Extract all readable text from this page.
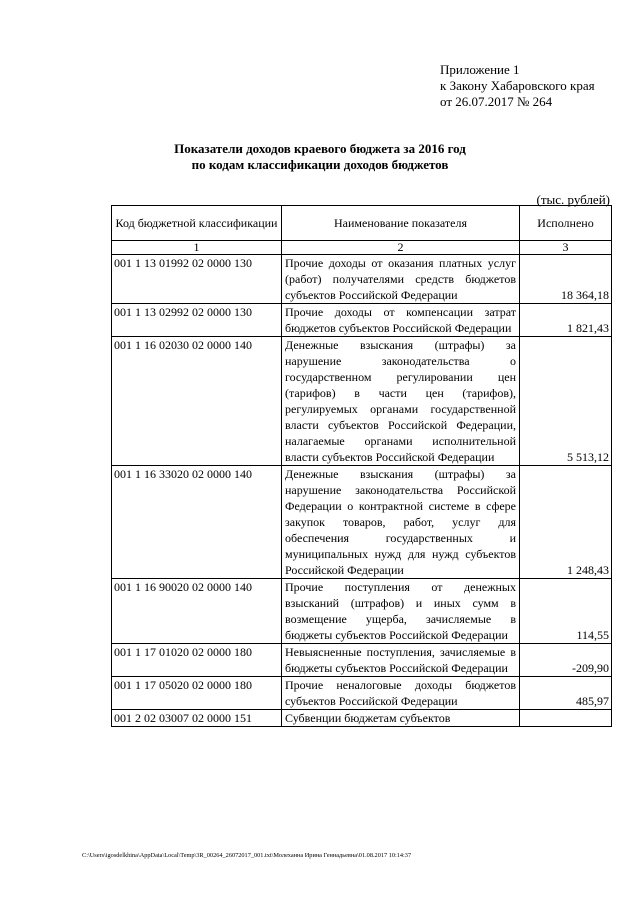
Приложение 1
к Закону Хабаровского края
от 26.07.2017 № 264
Показатели доходов краевого бюджета за 2016 год
по кодам классификации доходов бюджетов
(тыс. рублей)
Код бюджетной классификации	Наименование показателя	Исполнено
1	2	3
001 1 13 01992 02 0000 130	Прочие доходы от оказания платных услуг (работ) получателями средств бюджетов субъектов Российской Федерации	18 364,18
001 1 13 02992 02 0000 130	Прочие доходы от компенсации затрат бюджетов субъектов Российской Федерации	1 821,43
001 1 16 02030 02 0000 140	Денежные взыскания (штрафы) за нарушение законодательства о государственном регулировании цен (тарифов) в части цен (тарифов), регулируемых органами государственной власти субъектов Российской Федерации, налагаемые органами исполнительной власти субъектов Российской Федерации	5 513,12
001 1 16 33020 02 0000 140	Денежные взыскания (штрафы) за нарушение законодательства Российской Федерации о контрактной системе в сфере закупок товаров, работ, услуг для обеспечения государственных и муниципальных нужд для нужд субъектов Российской Федерации	1 248,43
001 1 16 90020 02 0000 140	Прочие поступления от денежных взысканий (штрафов) и иных сумм в возмещение ущерба, зачисляемые в бюджеты субъектов Российской Федерации	114,55
001 1 17 01020 02 0000 180	Невыясненные поступления, зачисляемые в бюджеты субъектов Российской Федерации	-209,90
001 1 17 05020 02 0000 180	Прочие неналоговые доходы бюджетов субъектов Российской Федерации	485,97
001 2 02 03007 02 0000 151	Субвенции бюджетам субъектов	
C:\Users\igosdelkhina\AppData\Local\Temp\3R_00264_26072017_001.txt\Молеханна Ирина Геннадьевна\01.08.2017 10:14:37
